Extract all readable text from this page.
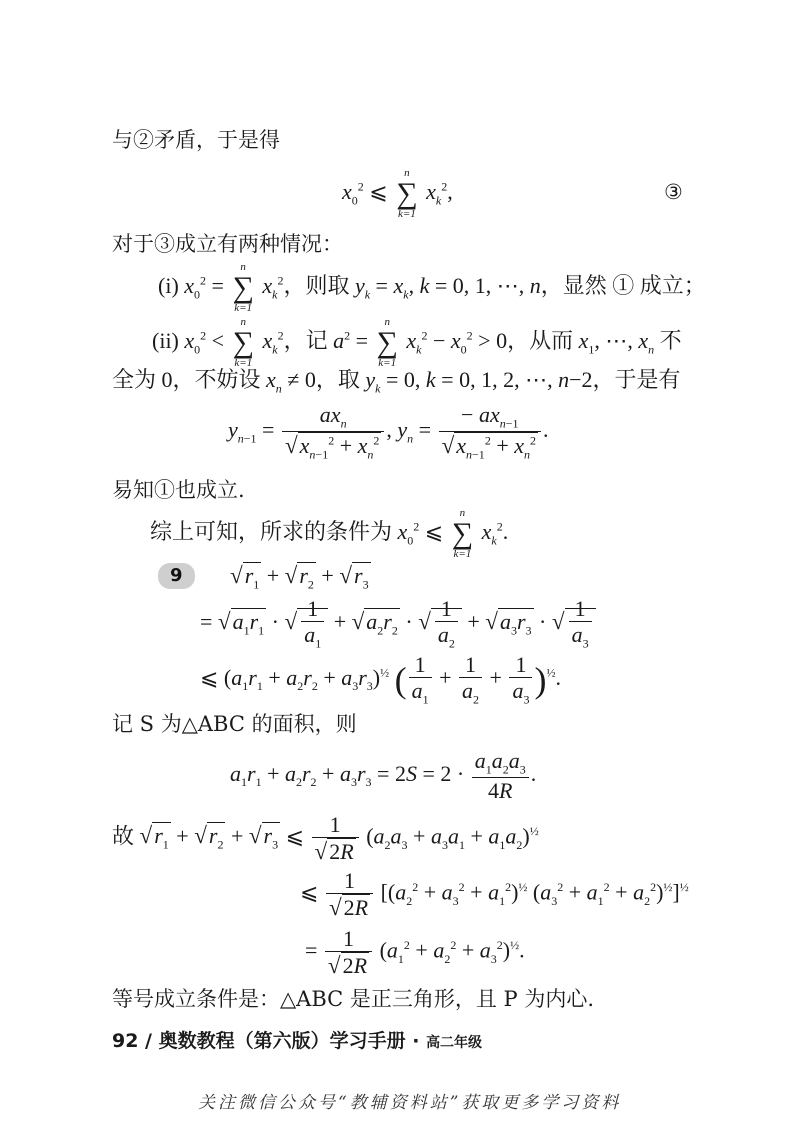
与②矛盾，于是得
$x_0^2$ ⩽
n
∑
k=1
$x_k^2$,	③
对于③成立有两种情况：
(i) $x_0^2$ =
n
∑
k=1
$x_k^2$，则取 $y_k = x_k$, k = 0, 1, ⋯, n，显然 ① 成立；
(ii) $x_0^2$ <
n
∑
k=1
$x_k^2$，记 $a^2$ =
n
∑
k=1
$x_k^2 - x_0^2 > 0$，从而 $x_1$, ⋯, $x_n$ 不
全为 0，不妨设 $x_n \ne 0$，取 $y_k = 0$, k = 0, 1, 2, ⋯, n−2，于是有
$y_{n-1} = \frac{ax_n}{√x_{n-1}^2 + x_n^2}$ , $y_n = \frac{- ax_{n-1}}{√x_{n-1}^2 + x_n^2}$ .
易知①也成立.
综上可知，所求的条件为 $x_0^2$ ⩽
n
∑
k=1
$x_k^2$.
9	$√r_1 + √r_2 + √r_3$
= $√a_1r_1$ · √ $\frac{1}{a_1} + √a_2r_2$ · √ $\frac{1}{a_2} + √a_3r_3$ · √ $\frac{1}{a_3}$
⩽ $(a_1r_1 + a_2r_2 + a_3r_3)^{\frac{1}{2}}$ ( $\frac{1}{a_1} + \frac{1}{a_2} + \frac{1}{a_3} )^{\frac{1}{2}}$.
记 S 为△ABC 的面积，则
$a_1r_1 + a_2r_2 + a_3r_3 = 2S = 2 \cdot \frac{a_1a_2a_3}{4R}$ .
故 $√r_1 + √r_2 + √r_3$ ⩽ $\frac{1}{√2R} (a_2a_3 + a_3a_1 + a_1a_2)^{\frac{1}{2}}$
⩽ $\frac{1}{√2R} [(a_2^2 + a_3^2 + a_1^2)^{\frac{1}{2}}$ $(a_3^2 + a_1^2 + a_2^2)^{\frac{1}{2}}]^{\frac{1}{2}}$
= $\frac{1}{√2R} (a_1^2 + a_2^2 + a_3^2)^{\frac{1}{2}}$.
等号成立条件是：△ABC 是正三角形，且 P 为内心.
92 / 奥数教程（第六版）学习手册 · 高二年级
关注微信公众号“教辅资料站”获取更多学习资料
